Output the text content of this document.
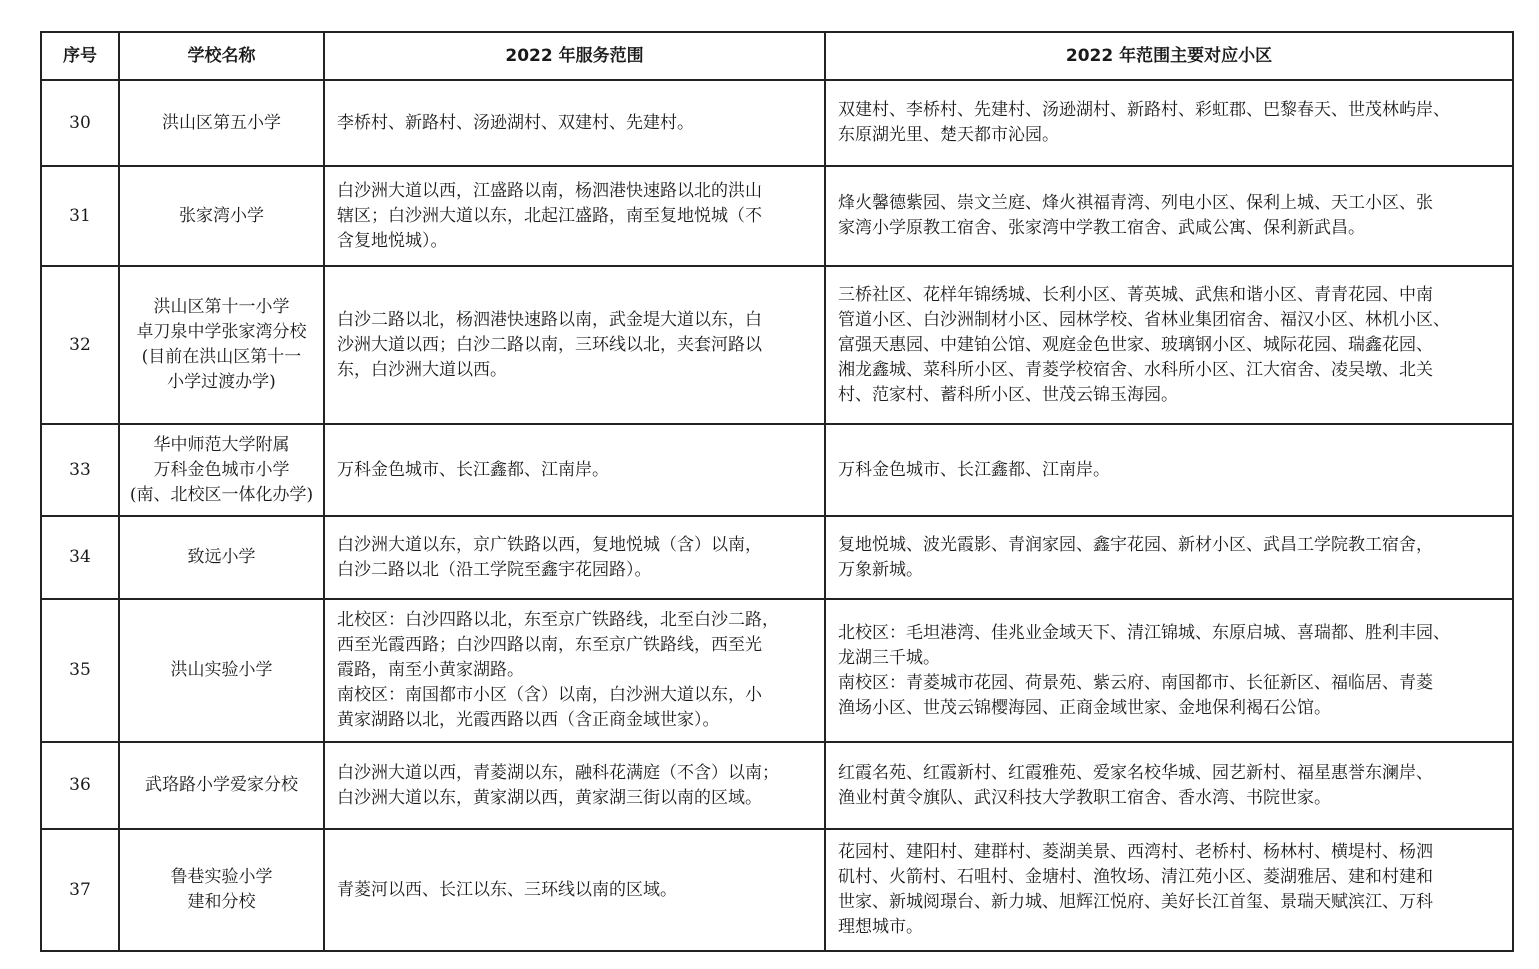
序号	学校名称	2022 年服务范围	2022 年范围主要对应小区

30	洪山区第五小学	李桥村、新路村、汤逊湖村、双建村、先建村。	双建村、李桥村、先建村、汤逊湖村、新路村、彩虹郡、巴黎春天、世茂林屿岸、
东原湖光里、楚天都市沁园。

31	张家湾小学	白沙洲大道以西，江盛路以南，杨泗港快速路以北的洪山
辖区；白沙洲大道以东，北起江盛路，南至复地悦城（不
含复地悦城）。	烽火馨德紫园、崇文兰庭、烽火祺福青湾、列电小区、保利上城、天工小区、张
家湾小学原教工宿舍、张家湾中学教工宿舍、武咸公寓、保利新武昌。

32	洪山区第十一小学
卓刀泉中学张家湾分校
(目前在洪山区第十一
小学过渡办学)	白沙二路以北，杨泗港快速路以南，武金堤大道以东，白
沙洲大道以西；白沙二路以南，三环线以北，夹套河路以
东，白沙洲大道以西。	三桥社区、花样年锦绣城、长利小区、菁英城、武焦和谐小区、青青花园、中南
管道小区、白沙洲制材小区、园林学校、省林业集团宿舍、福汉小区、林机小区、
富强天惠园、中建铂公馆、观庭金色世家、玻璃钢小区、城际花园、瑞鑫花园、
湘龙鑫城、菜科所小区、青菱学校宿舍、水科所小区、江大宿舍、凌吴墩、北关
村、范家村、蓄科所小区、世茂云锦玉海园。

33	华中师范大学附属
万科金色城市小学
(南、北校区一体化办学)	万科金色城市、长江鑫都、江南岸。	万科金色城市、长江鑫都、江南岸。

34	致远小学	白沙洲大道以东，京广铁路以西，复地悦城（含）以南，
白沙二路以北（沿工学院至鑫宇花园路）。	复地悦城、波光霞影、青润家园、鑫宇花园、新材小区、武昌工学院教工宿舍，
万象新城。

35	洪山实验小学	北校区：白沙四路以北，东至京广铁路线，北至白沙二路，
西至光霞西路；白沙四路以南，东至京广铁路线，西至光
霞路，南至小黄家湖路。
南校区：南国都市小区（含）以南，白沙洲大道以东，小
黄家湖路以北，光霞西路以西（含正商金域世家）。	北校区：毛坦港湾、佳兆业金域天下、清江锦城、东原启城、喜瑞都、胜利丰园、
龙湖三千城。
南校区：青菱城市花园、荷景苑、紫云府、南国都市、长征新区、福临居、青菱
渔场小区、世茂云锦樱海园、正商金域世家、金地保利褐石公馆。

36	武珞路小学爱家分校	白沙洲大道以西，青菱湖以东，融科花满庭（不含）以南；
白沙洲大道以东，黄家湖以西，黄家湖三街以南的区域。	红霞名苑、红霞新村、红霞雅苑、爱家名校华城、园艺新村、福星惠誉东澜岸、
渔业村黄令旗队、武汉科技大学教职工宿舍、香水湾、书院世家。

37	鲁巷实验小学
建和分校	青菱河以西、长江以东、三环线以南的区域。	花园村、建阳村、建群村、菱湖美景、西湾村、老桥村、杨林村、横堤村、杨泗
矶村、火箭村、石咀村、金塘村、渔牧场、清江苑小区、菱湖雅居、建和村建和
世家、新城阅璟台、新力城、旭辉江悦府、美好长江首玺、景瑞天赋滨江、万科
理想城市。
